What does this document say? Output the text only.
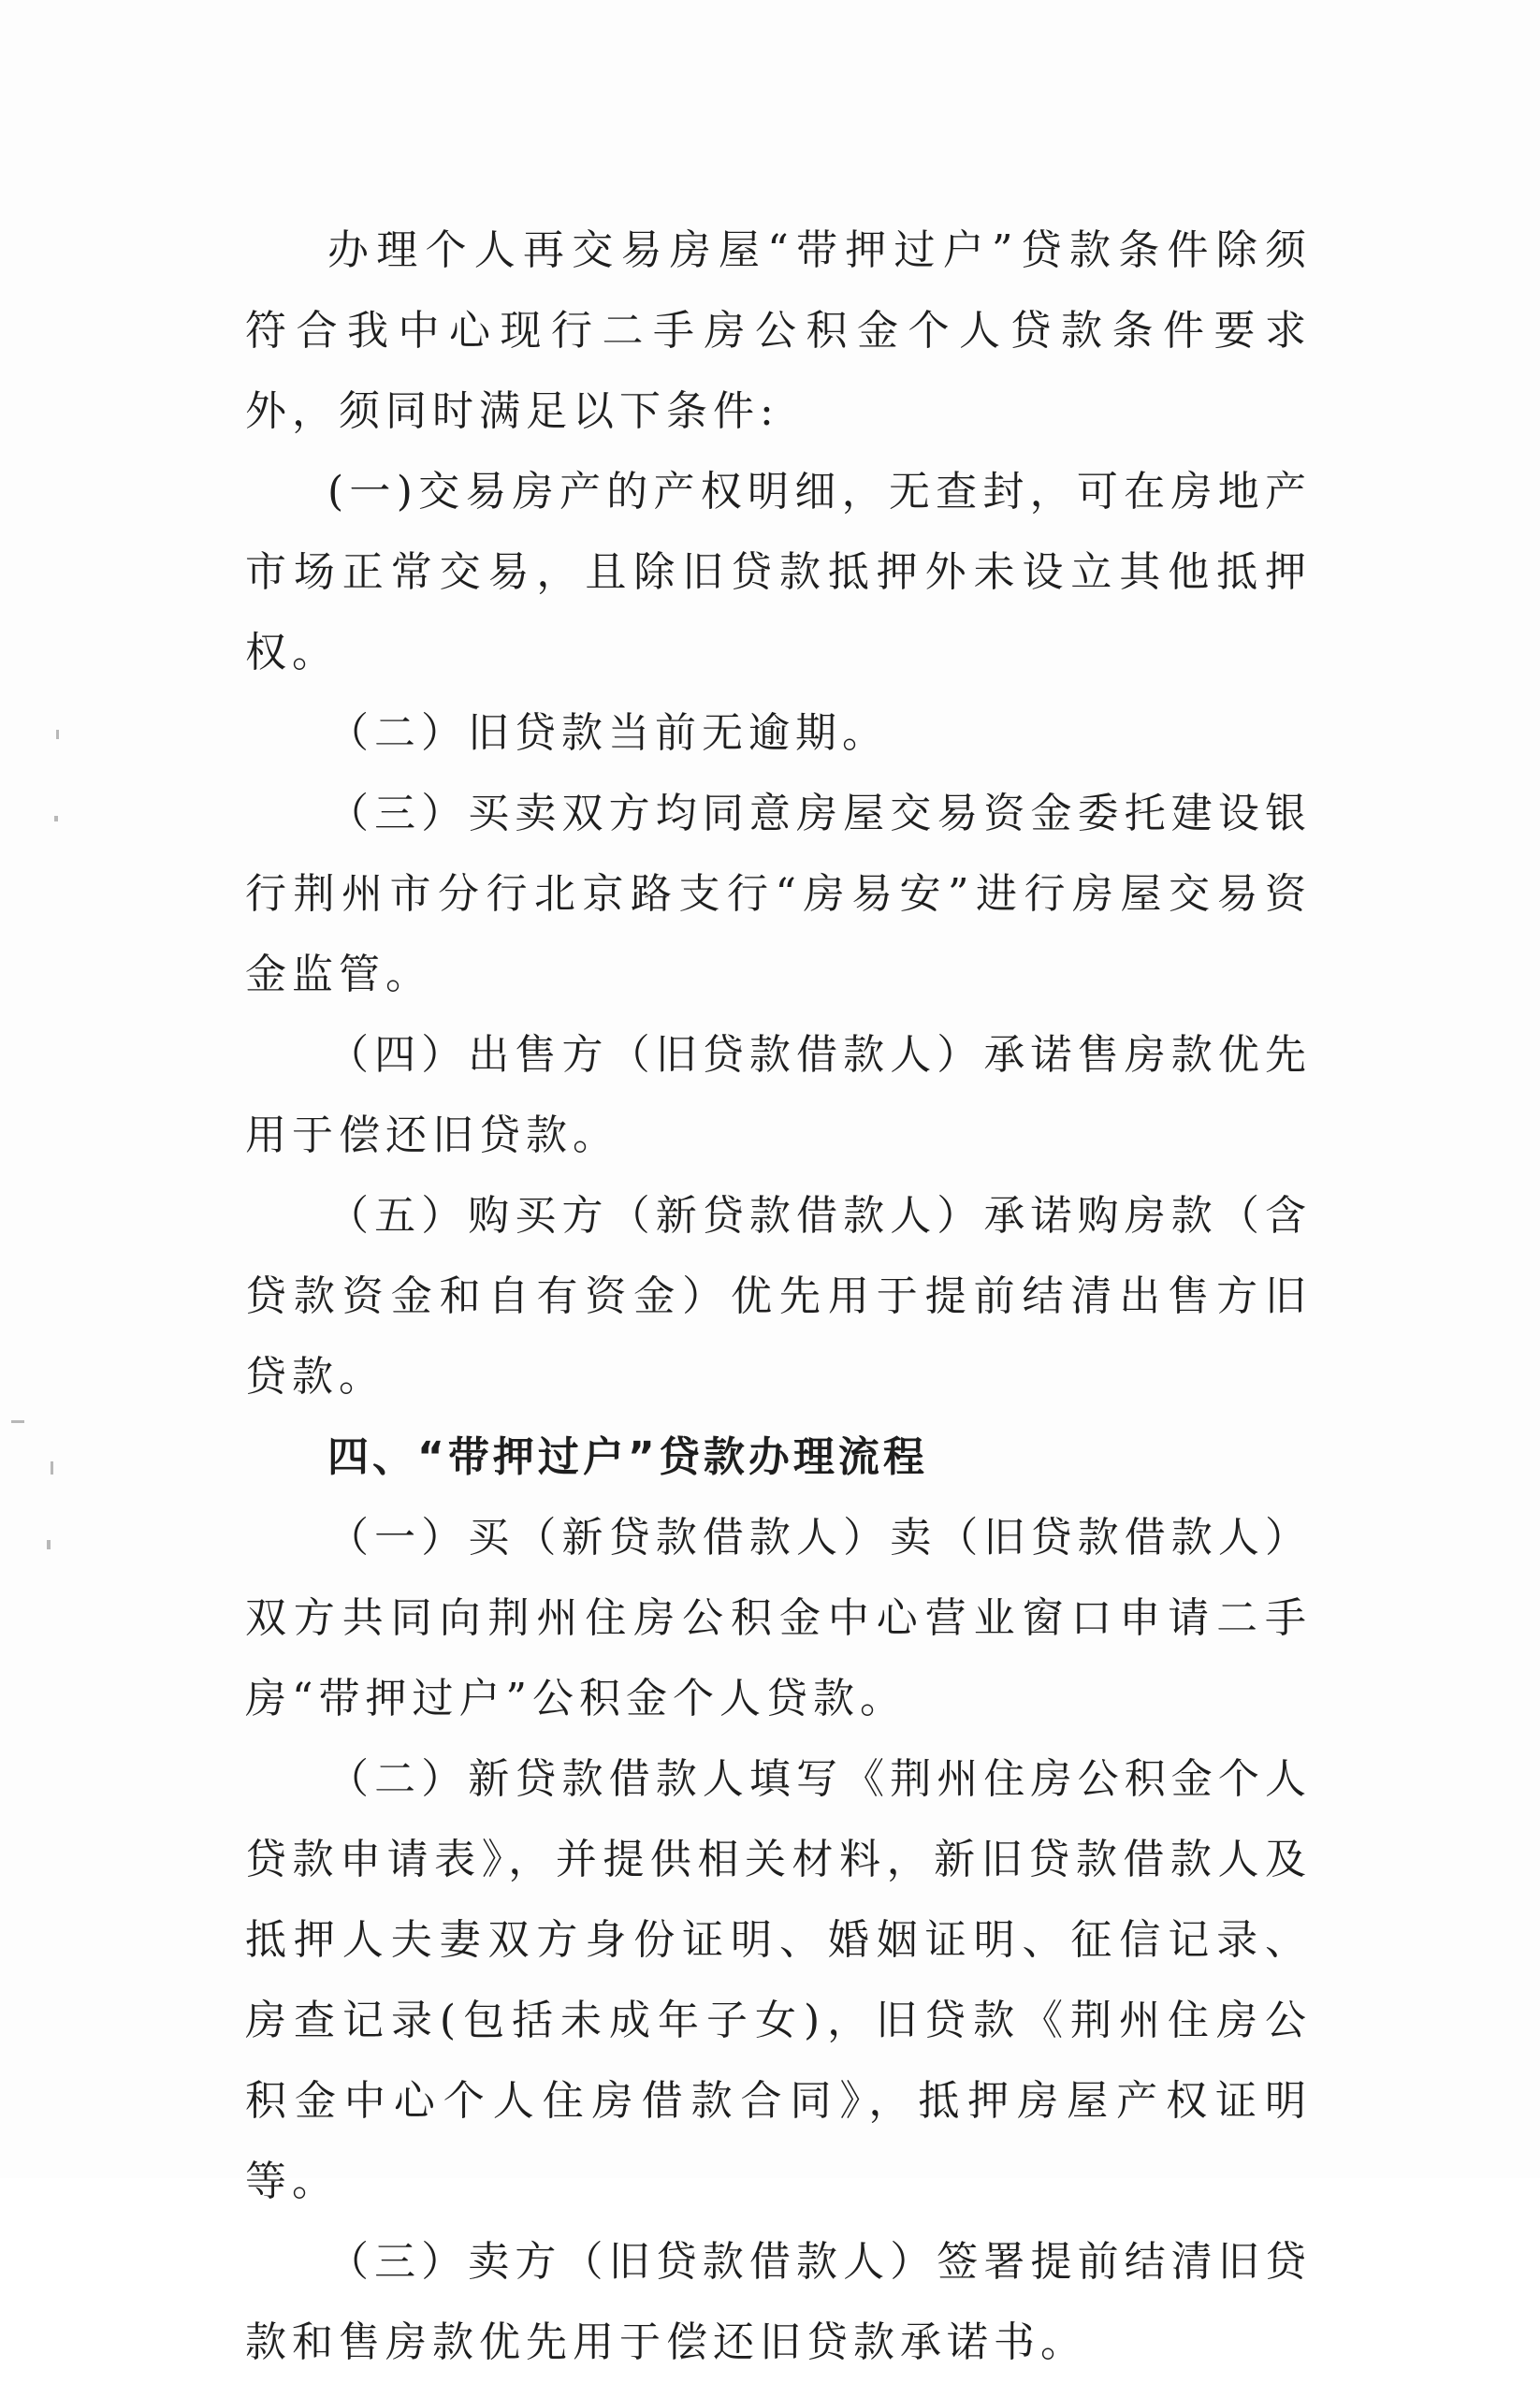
办理个人再交易房屋“带押过户”贷款条件除须符合我中心现行二手房公积金个人贷款条件要求外，须同时满足以下条件:

(一)交易房产的产权明细，无查封，可在房地产市场正常交易，且除旧贷款抵押外未设立其他抵押权。

（二）旧贷款当前无逾期。

（三）买卖双方均同意房屋交易资金委托建设银行荆州市分行北京路支行“房易安”进行房屋交易资金监管。

（四）出售方（旧贷款借款人）承诺售房款优先用于偿还旧贷款。

（五）购买方（新贷款借款人）承诺购房款（含贷款资金和自有资金）优先用于提前结清出售方旧贷款。

四、“带押过户”贷款办理流程

（一）买（新贷款借款人）卖（旧贷款借款人）双方共同向荆州住房公积金中心营业窗口申请二手房“带押过户”公积金个人贷款。

（二）新贷款借款人填写《荆州住房公积金个人贷款申请表》，并提供相关材料，新旧贷款借款人及抵押人夫妻双方身份证明、婚姻证明、征信记录、房查记录(包括未成年子女)，旧贷款《荆州住房公积金中心个人住房借款合同》，抵押房屋产权证明等。

（三）卖方（旧贷款借款人）签署提前结清旧贷款和售房款优先用于偿还旧贷款承诺书。
